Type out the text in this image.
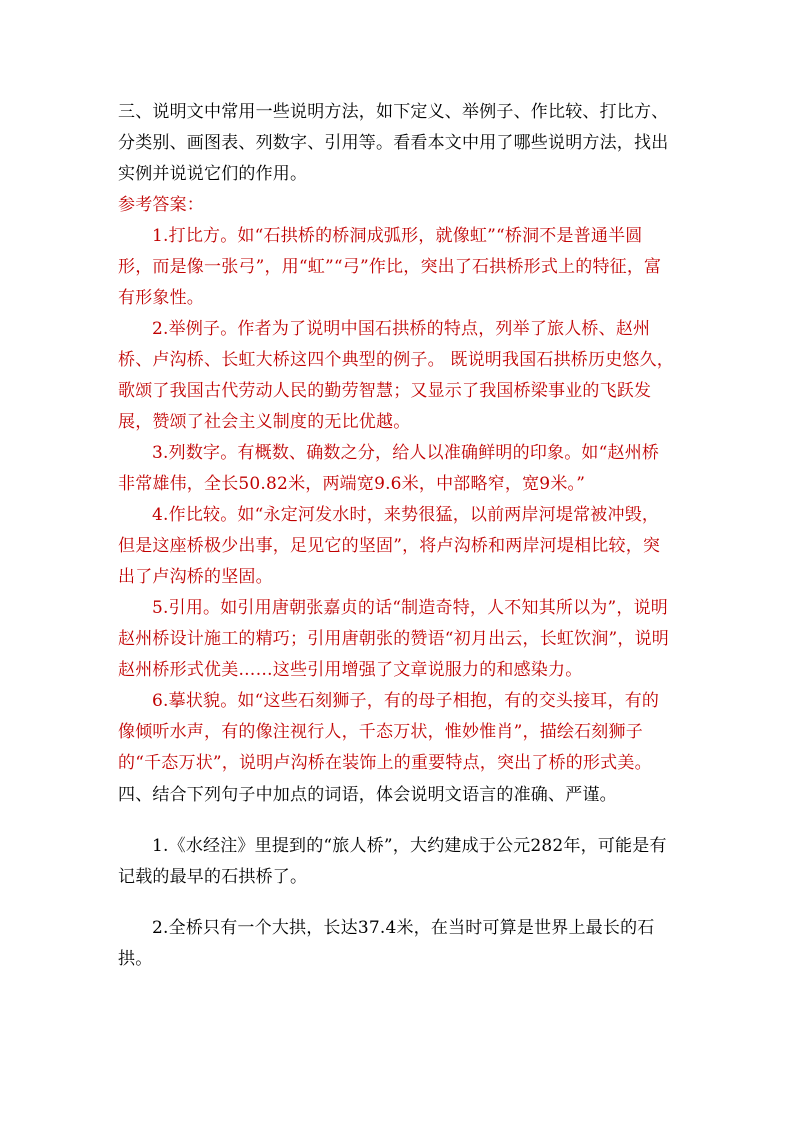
三、说明文中常用一些说明方法，如下定义、举例子、作比较、打比方、分类别、画图表、列数字、引用等。看看本文中用了哪些说明方法，找出实例并说说它们的作用。

参考答案：

1.打比方。如“石拱桥的桥洞成弧形，就像虹”“桥洞不是普通半圆形，而是像一张弓”，用“虹”“弓”作比，突出了石拱桥形式上的特征，富有形象性。

2.举例子。作者为了说明中国石拱桥的特点，列举了旅人桥、赵州桥、卢沟桥、长虹大桥这四个典型的例子。 既说明我国石拱桥历史悠久，歌颂了我国古代劳动人民的勤劳智慧；又显示了我国桥梁事业的飞跃发展，赞颂了社会主义制度的无比优越。

3.列数字。有概数、确数之分，给人以准确鲜明的印象。如“赵州桥非常雄伟，全长50.82米，两端宽9.6米，中部略窄，宽9米。”

4.作比较。如“永定河发水时，来势很猛，以前两岸河堤常被冲毁，但是这座桥极少出事，足见它的坚固”，将卢沟桥和两岸河堤相比较，突出了卢沟桥的坚固。

5.引用。如引用唐朝张嘉贞的话“制造奇特，人不知其所以为”，说明赵州桥设计施工的精巧；引用唐朝张的赞语“初月出云，长虹饮涧”，说明赵州桥形式优美……这些引用增强了文章说服力的和感染力。

6.摹状貌。如“这些石刻狮子，有的母子相抱，有的交头接耳，有的像倾听水声，有的像注视行人，千态万状，惟妙惟肖”，描绘石刻狮子的“千态万状”，说明卢沟桥在装饰上的重要特点，突出了桥的形式美。

四、结合下列句子中加点的词语，体会说明文语言的准确、严谨。

1.《水经注》里提到的“旅人桥”，大约建成于公元282年，可能是有记载的最早的石拱桥了。

2.全桥只有一个大拱，长达37.4米，在当时可算是世界上最长的石拱。
